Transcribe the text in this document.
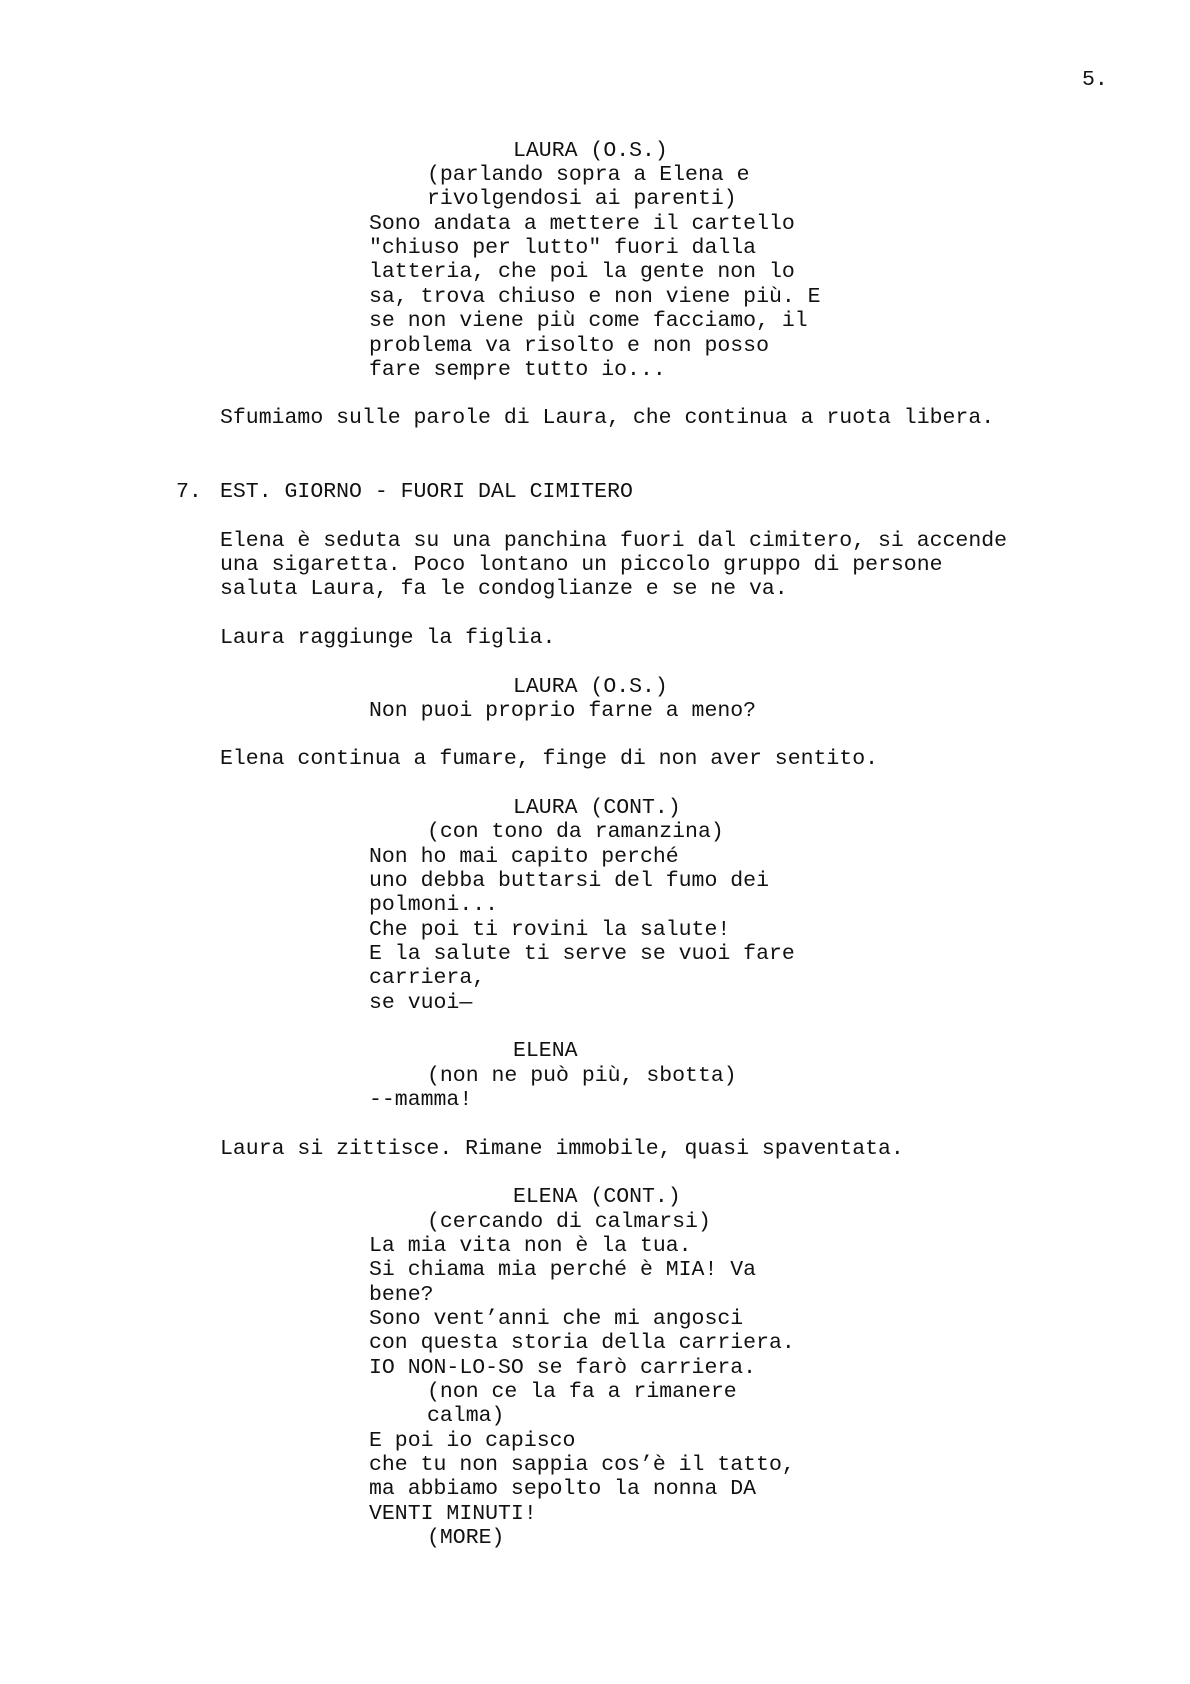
5.
LAURA (O.S.)
(parlando sopra a Elena e
rivolgendosi ai parenti)
Sono andata a mettere il cartello
"chiuso per lutto" fuori dalla
latteria, che poi la gente non lo
sa, trova chiuso e non viene più. E
se non viene più come facciamo, il
problema va risolto e non posso
fare sempre tutto io...
Sfumiamo sulle parole di Laura, che continua a ruota libera.
7. EST. GIORNO - FUORI DAL CIMITERO
Elena è seduta su una panchina fuori dal cimitero, si accende
una sigaretta. Poco lontano un piccolo gruppo di persone
saluta Laura, fa le condoglianze e se ne va.
Laura raggiunge la figlia.
LAURA (O.S.)
Non puoi proprio farne a meno?
Elena continua a fumare, finge di non aver sentito.
LAURA (CONT.)
(con tono da ramanzina)
Non ho mai capito perché
uno debba buttarsi del fumo dei
polmoni...
Che poi ti rovini la salute!
E la salute ti serve se vuoi fare
carriera,
se vuoi—
ELENA
(non ne può più, sbotta)
--mamma!
Laura si zittisce. Rimane immobile, quasi spaventata.
ELENA (CONT.)
(cercando di calmarsi)
La mia vita non è la tua.
Si chiama mia perché è MIA! Va
bene?
Sono vent’anni che mi angosci
con questa storia della carriera.
IO NON-LO-SO se farò carriera.
(non ce la fa a rimanere
calma)
E poi io capisco
che tu non sappia cos’è il tatto,
ma abbiamo sepolto la nonna DA
VENTI MINUTI!
(MORE)
